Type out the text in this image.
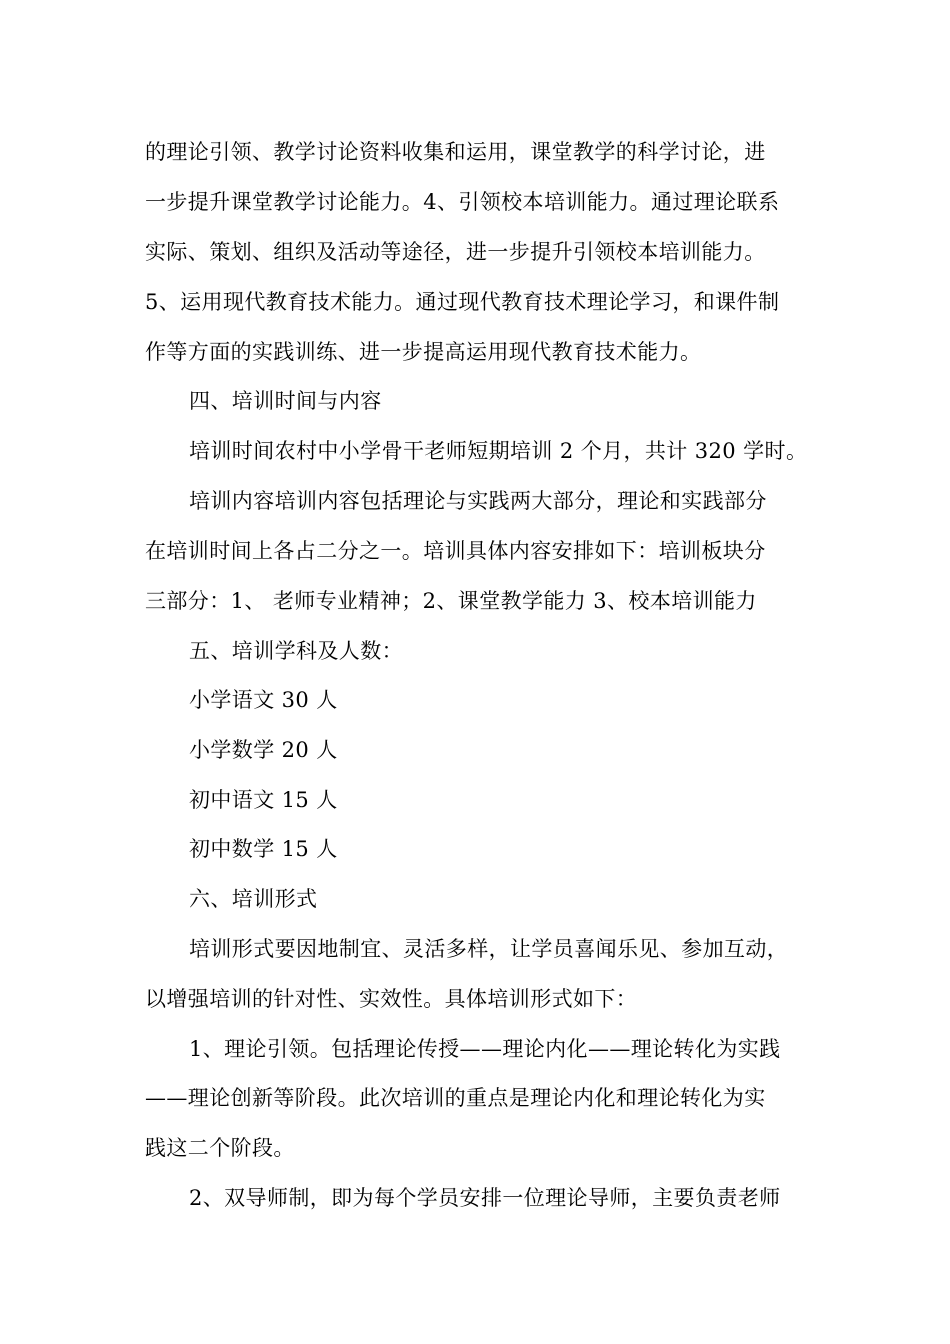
的理论引领、教学讨论资料收集和运用，课堂教学的科学讨论，进
一步提升课堂教学讨论能力。4、引领校本培训能力。通过理论联系
实际、策划、组织及活动等途径，进一步提升引领校本培训能力。
5、运用现代教育技术能力。通过现代教育技术理论学习，和课件制
作等方面的实践训练、进一步提高运用现代教育技术能力。
四、培训时间与内容
培训时间农村中小学骨干老师短期培训 2 个月，共计 320 学时。
培训内容培训内容包括理论与实践两大部分，理论和实践部分
在培训时间上各占二分之一。培训具体内容安排如下：培训板块分
三部分：1、 老师专业精神；2、课堂教学能力 3、校本培训能力
五、培训学科及人数：
小学语文 30 人
小学数学 20 人
初中语文 15 人
初中数学 15 人
六、培训形式
培训形式要因地制宜、灵活多样，让学员喜闻乐见、参加互动，
以增强培训的针对性、实效性。具体培训形式如下：
1、理论引领。包括理论传授——理论内化——理论转化为实践
——理论创新等阶段。此次培训的重点是理论内化和理论转化为实
践这二个阶段。
2、双导师制，即为每个学员安排一位理论导师，主要负责老师
